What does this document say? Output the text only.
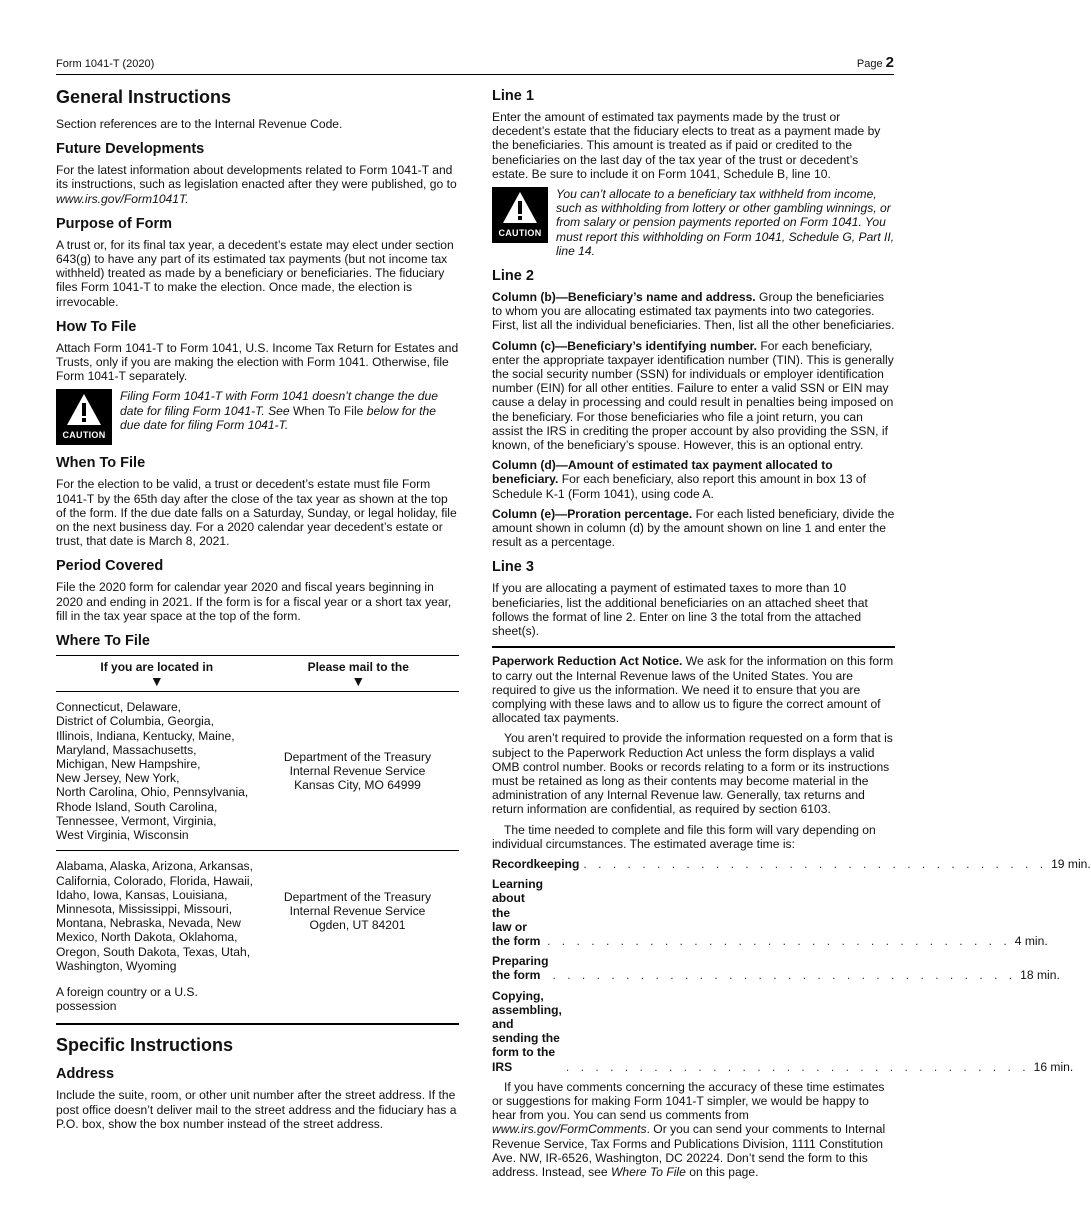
Form 1041-T (2020)	Page 2
General Instructions

Section references are to the Internal Revenue Code.

Future Developments

For the latest information about developments related to Form 1041-T and its instructions, such as legislation enacted after they were published, go to www.irs.gov/Form1041T.

Purpose of Form

A trust or, for its final tax year, a decedent’s estate may elect under section 643(g) to have any part of its estimated tax payments (but not income tax withheld) treated as made by a beneficiary or beneficiaries. The fiduciary files Form 1041-T to make the election. Once made, the election is irrevocable.

How To File

Attach Form 1041-T to Form 1041, U.S. Income Tax Return for Estates and Trusts, only if you are making the election with Form 1041. Otherwise, file Form 1041-T separately.

CAUTION
Filing Form 1041-T with Form 1041 doesn’t change the due date for filing Form 1041-T. See When To File below for the due date for filing Form 1041-T.
When To File

For the election to be valid, a trust or decedent’s estate must file Form 1041-T by the 65th day after the close of the tax year as shown at the top of the form. If the due date falls on a Saturday, Sunday, or legal holiday, file on the next business day. For a 2020 calendar year decedent’s estate or trust, that date is March 8, 2021.

Period Covered

File the 2020 form for calendar year 2020 and fiscal years beginning in 2020 and ending in 2021. If the form is for a fiscal year or a short tax year, fill in the tax year space at the top of the form.

Where To File
If you are located in
▼
Please mail to the
▼
Connecticut, Delaware,
District of Columbia, Georgia,
Illinois, Indiana, Kentucky, Maine,
Maryland, Massachusetts,
Michigan, New Hampshire,
New Jersey, New York,
North Carolina, Ohio, Pennsylvania,
Rhode Island, South Carolina,
Tennessee, Vermont, Virginia,
West Virginia, Wisconsin
Department of the Treasury
Internal Revenue Service
Kansas City, MO 64999
Alabama, Alaska, Arizona, Arkansas,
California, Colorado, Florida, Hawaii,
Idaho, Iowa, Kansas, Louisiana,
Minnesota, Mississippi, Missouri,
Montana, Nebraska, Nevada, New
Mexico, North Dakota, Oklahoma,
Oregon, South Dakota, Texas, Utah,
Washington, Wyoming
A foreign country or a U.S.
possession
Department of the Treasury
Internal Revenue Service
Ogden, UT 84201
Specific Instructions
Address

Include the suite, room, or other unit number after the street address. If the post office doesn’t deliver mail to the street address and the fiduciary has a P.O. box, show the box number instead of the street address.

Line 1

Enter the amount of estimated tax payments made by the trust or decedent’s estate that the fiduciary elects to treat as a payment made by the beneficiaries. This amount is treated as if paid or credited to the beneficiaries on the last day of the tax year of the trust or decedent’s estate. Be sure to include it on Form 1041, Schedule B, line 10.

CAUTION
You can’t allocate to a beneficiary tax withheld from income, such as withholding from lottery or other gambling winnings, or from salary or pension payments reported on Form 1041. You must report this withholding on Form 1041, Schedule G, Part II, line 14.
Line 2

Column (b)—Beneficiary’s name and address. Group the beneficiaries to whom you are allocating estimated tax payments into two categories. First, list all the individual beneficiaries. Then, list all the other beneficiaries.

Column (c)—Beneficiary’s identifying number. For each beneficiary, enter the appropriate taxpayer identification number (TIN). This is generally the social security number (SSN) for individuals or employer identification number (EIN) for all other entities. Failure to enter a valid SSN or EIN may cause a delay in processing and could result in penalties being imposed on the beneficiary. For those beneficiaries who file a joint return, you can assist the IRS in crediting the proper account by also providing the SSN, if known, of the beneficiary’s spouse. However, this is an optional entry.

Column (d)—Amount of estimated tax payment allocated to beneficiary. For each beneficiary, also report this amount in box 13 of Schedule K-1 (Form 1041), using code A.

Column (e)—Proration percentage. For each listed beneficiary, divide the amount shown in column (d) by the amount shown on line 1 and enter the result as a percentage.

Line 3

If you are allocating a payment of estimated taxes to more than 10 beneficiaries, list the additional beneficiaries on an attached sheet that follows the format of line 2. Enter on line 3 the total from the attached sheet(s).

Paperwork Reduction Act Notice. We ask for the information on this form to carry out the Internal Revenue laws of the United States. You are required to give us the information. We need it to ensure that you are complying with these laws and to allow us to figure the correct amount of allocated tax payments.

You aren’t required to provide the information requested on a form that is subject to the Paperwork Reduction Act unless the form displays a valid OMB control number. Books or records relating to a form or its instructions must be retained as long as their contents may become material in the administration of any Internal Revenue law. Generally, tax returns and return information are confidential, as required by section 6103.

The time needed to complete and file this form will vary depending on individual circumstances. The estimated average time is:

Recordkeeping . . . . . . . . . . . . . . . . . . . . . . . . . . . . . . . . 19 min.
Learning about the
law or the form . . . . . . . . . . . . . . . . . . . . . . . . . . . . . . . . 4 min.
Preparing the form . . . . . . . . . . . . . . . . . . . . . . . . . . . . . . . . 18 min.
Copying, assembling, and
sending the form to the IRS	. . . . . . . . . . . . . . . . . . . . . . . . . . . . . . . . 16 min.

If you have comments concerning the accuracy of these time estimates or suggestions for making Form 1041-T simpler, we would be happy to hear from you. You can send us comments from www.irs.gov/FormComments. Or you can send your comments to Internal Revenue Service, Tax Forms and Publications Division, 1111 Constitution Ave. NW, IR-6526, Washington, DC 20224. Don’t send the form to this address. Instead, see Where To File on this page.
